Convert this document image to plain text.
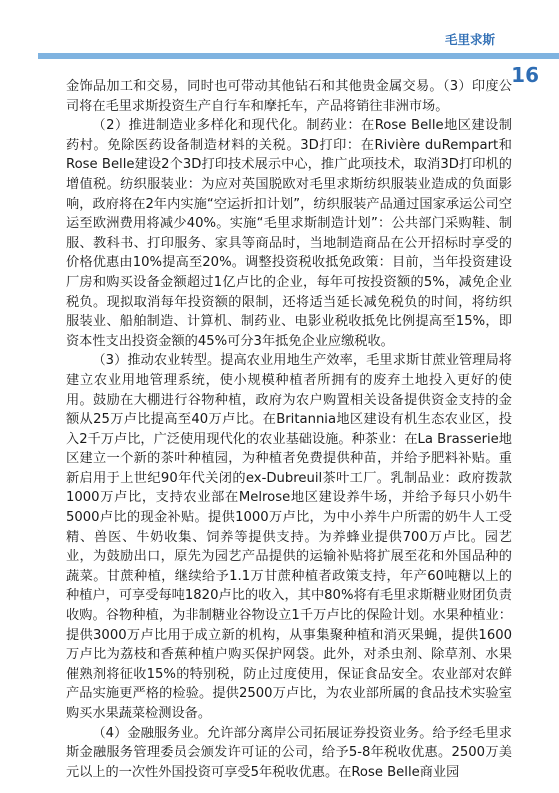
毛里求斯
16

金饰品加工和交易，同时也可带动其他钻石和其他贵金属交易。（3）印度公司将在毛里求斯投资生产自行车和摩托车，产品将销往非洲市场。

（2）推进制造业多样化和现代化。制药业：在Rose Belle地区建设制药村。免除医药设备制造材料的关税。3D打印：在Rivière duRempart和Rose Belle建设2个3D打印技术展示中心，推广此项技术，取消3D打印机的增值税。纺织服装业：为应对英国脱欧对毛里求斯纺织服装业造成的负面影响，政府将在2年内实施“空运折扣计划”，纺织服装产品通过国家承运公司空运至欧洲费用将减少40%。实施“毛里求斯制造计划”：公共部门采购鞋、制服、教科书、打印服务、家具等商品时，当地制造商品在公开招标时享受的价格优惠由10%提高至20%。调整投资税收抵免政策：目前，当年投资建设厂房和购买设备金额超过1亿卢比的企业，每年可按投资额的5%，减免企业税负。现拟取消每年投资额的限制，还将适当延长减免税负的时间，将纺织服装业、船舶制造、计算机、制药业、电影业税收抵免比例提高至15%，即资本性支出投资金额的45%可分3年抵免企业应缴税收。

（3）推动农业转型。提高农业用地生产效率，毛里求斯甘蔗业管理局将建立农业用地管理系统，使小规模种植者所拥有的废弃土地投入更好的使用。鼓励在大棚进行谷物种植，政府为农户购置相关设备提供资金支持的金额从25万卢比提高至40万卢比。在Britannia地区建设有机生态农业区，投入2千万卢比，广泛使用现代化的农业基础设施。种茶业：在La Brasserie地区建立一个新的茶叶种植园，为种植者免费提供种苗，并给予肥料补贴。重新启用于上世纪90年代关闭的ex-Dubreuil茶叶工厂。乳制品业：政府拨款1000万卢比，支持农业部在Melrose地区建设养牛场，并给予每只小奶牛5000卢比的现金补贴。提供1000万卢比，为中小养牛户所需的奶牛人工受精、兽医、牛奶收集、饲养等提供支持。为养蜂业提供700万卢比。园艺业，为鼓励出口，原先为园艺产品提供的运输补贴将扩展至花和外国品种的蔬菜。甘蔗种植，继续给予1.1万甘蔗种植者政策支持，年产60吨糖以上的种植户，可享受每吨1820卢比的收入，其中80%将有毛里求斯糖业财团负责收购。谷物种植，为非制糖业谷物设立1千万卢比的保险计划。水果种植业：提供3000万卢比用于成立新的机构，从事集聚种植和消灭果蝇，提供1600万卢比为荔枝和香蕉种植户购买保护网袋。此外，对杀虫剂、除草剂、水果催熟剂将征收15%的特别税，防止过度使用，保证食品安全。农业部对农鲜产品实施更严格的检验。提供2500万卢比，为农业部所属的食品技术实验室购买水果蔬菜检测设备。

（4）金融服务业。允许部分离岸公司拓展证券投资业务。给予经毛里求斯金融服务管理委员会颁发许可证的公司，给予5-8年税收优惠。2500万美元以上的一次性外国投资可享受5年税收优惠。在Rose Belle商业园
